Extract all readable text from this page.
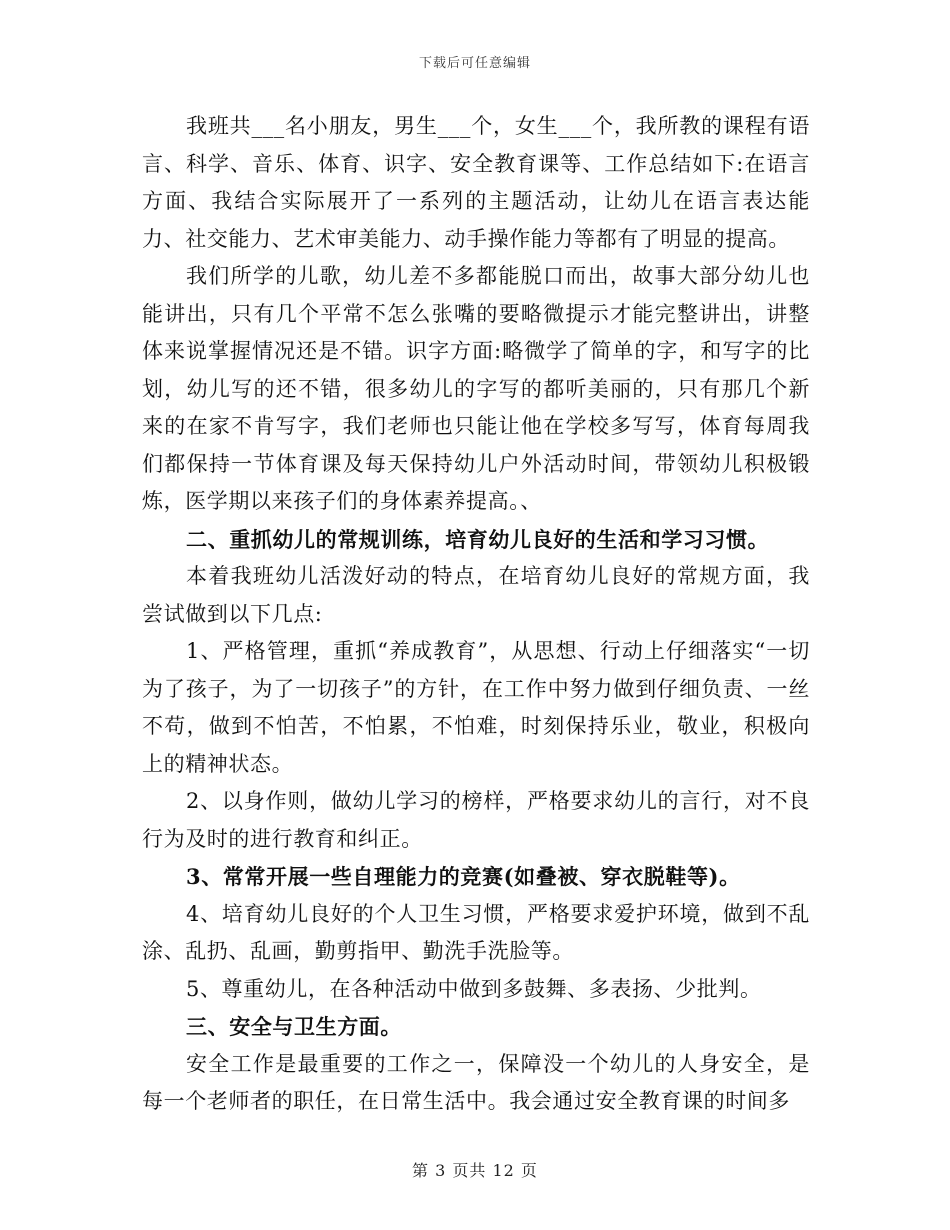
下载后可任意编辑

我班共___名小朋友，男生___个，女生___个，我所教的课程有语言、科学、音乐、体育、识字、安全教育课等、工作总结如下:在语言方面、我结合实际展开了一系列的主题活动，让幼儿在语言表达能力、社交能力、艺术审美能力、动手操作能力等都有了明显的提高。

我们所学的儿歌，幼儿差不多都能脱口而出，故事大部分幼儿也能讲出，只有几个平常不怎么张嘴的要略微提示才能完整讲出，讲整体来说掌握情况还是不错。识字方面:略微学了简单的字，和写字的比划，幼儿写的还不错，很多幼儿的字写的都听美丽的，只有那几个新来的在家不肯写字，我们老师也只能让他在学校多写写，体育每周我们都保持一节体育课及每天保持幼儿户外活动时间，带领幼儿积极锻炼，医学期以来孩子们的身体素养提高。、

二、重抓幼儿的常规训练，培育幼儿良好的生活和学习习惯。

本着我班幼儿活泼好动的特点，在培育幼儿良好的常规方面，我尝试做到以下几点:

1、严格管理，重抓“养成教育”，从思想、行动上仔细落实“一切为了孩子，为了一切孩子”的方针，在工作中努力做到仔细负责、一丝不苟，做到不怕苦，不怕累，不怕难，时刻保持乐业，敬业，积极向上的精神状态。

2、以身作则，做幼儿学习的榜样，严格要求幼儿的言行，对不良行为及时的进行教育和纠正。

3、常常开展一些自理能力的竞赛(如叠被、穿衣脱鞋等)。

4、培育幼儿良好的个人卫生习惯，严格要求爱护环境，做到不乱涂、乱扔、乱画，勤剪指甲、勤洗手洗脸等。

5、尊重幼儿，在各种活动中做到多鼓舞、多表扬、少批判。

三、安全与卫生方面。

安全工作是最重要的工作之一，保障没一个幼儿的人身安全，是每一个老师者的职任，在日常生活中。我会通过安全教育课的时间多

第 3 页共 12 页
